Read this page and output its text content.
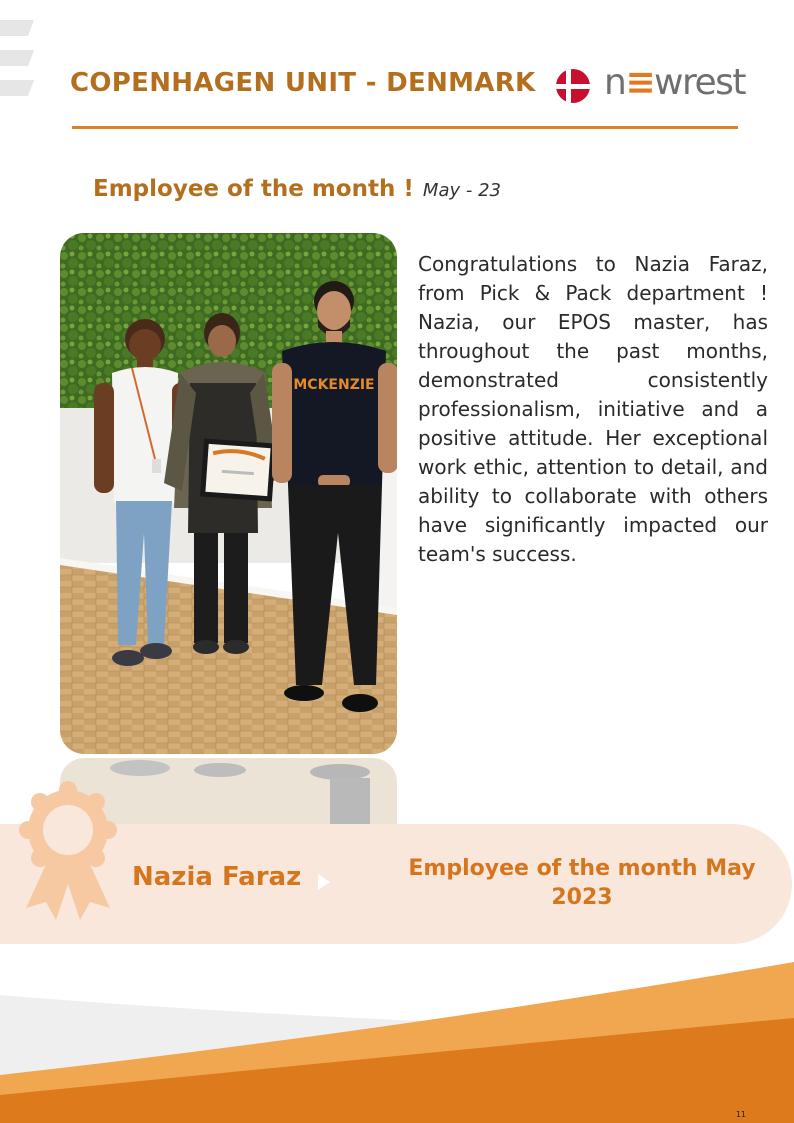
COPENHAGEN UNIT - DENMARK n≡wrest
Employee of the month ! May - 23
MCKENZIE

Congratulations to Nazia Faraz, from Pick & Pack department ! Nazia, our EPOS master, has throughout the past months, demonstrated consistently professionalism, initiative and a positive attitude. Her exceptional work ethic, attention to detail, and ability to collaborate with others have significantly impacted our team's success.

Nazia Faraz	Employee of the month May 2023
11
